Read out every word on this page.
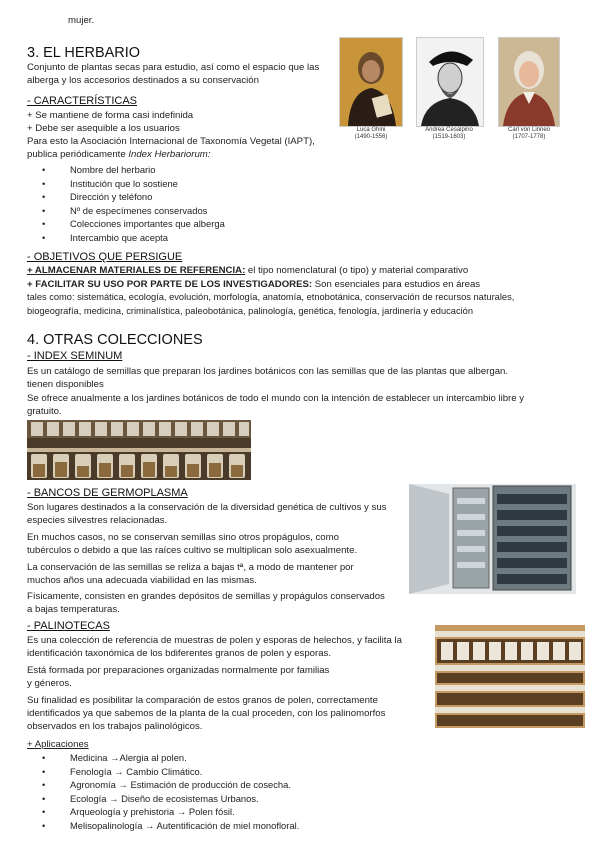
mujer.
3. EL HERBARIO
Conjunto de plantas secas para estudio, así como el espacio que las
alberga y los accesorios destinados a su conservación
- CARACTERÍSTICAS
+ Se mantiene de forma casi indefinida
+ Debe ser asequible a los usuarios
Para esto la Asociación Internacional de Taxonomía Vegetal (IAPT),
publica periódicamente Index Herbariorum:
•	Nombre del herbario
•	Institución que lo sostiene
•	Dirección y teléfono
•	Nº de especímenes conservados
•	Colecciones importantes que alberga
•	Intercambio que acepta
Luca Ghini
(1490-1556)
Andrea Cesalpino
(1519-1603)
Carl von Linneo
(1707-1778)
- OBJETIVOS QUE PERSIGUE
+ ALMACENAR MATERIALES DE REFERENCIA: el tipo nomenclatural (o tipo) y material comparativo
+ FACILITAR SU USO POR PARTE DE LOS INVESTIGADORES: Son esenciales para estudios en áreas
tales como: sistemática, ecología, evolución, morfología, anatomía, etnobotánica, conservación de recursos naturales,
biogeografía, medicina, criminalística, paleobotánica, palinología, genética, fenología, jardinería y educación
4. OTRAS COLECCIONES
- INDEX SEMINUM
Es un catálogo de semillas que preparan los jardines botánicos con las semillas que de las plantas que albergan.
tienen disponibles
Se ofrece anualmente a los jardines botánicos de todo el mundo con la intención de establecer un intercambio libre y
gratuito.
- BANCOS DE GERMOPLASMA
Son lugares destinados a la conservación de la diversidad genética de cultivos y sus
especies silvestres relacionadas.
En muchos casos, no se conservan semillas sino otros propágulos, como
tubérculos o debido a que las raíces cultivo se multiplican solo asexualmente.
La conservación de las semillas se reliza a bajas tª, a modo de mantener por
muchos años una adecuada viabilidad en las mismas.
Físicamente, consisten en grandes depósitos de semillas y propágulos conservados
a bajas temperaturas.
- PALINOTECAS
Es una colección de referencia de muestras de polen y esporas de helechos, y facilita la
identificación taxonómica de los bdiferentes granos de polen y esporas.
Está formada por preparaciones organizadas normalmente por familias
y géneros.
Su finalidad es posibilitar la comparación de estos granos de polen, correctamente
identificados ya que sabemos de la planta de la cual proceden, con los palinomorfos
observados en los trabajos palinológicos.
+ Aplicaciones
•	Medicina →Alergia al polen.
•	Fenología → Cambio Climático.
•	Agronomía → Estimación de producción de cosecha.
•	Ecología → Diseño de ecosistemas Urbanos.
•	Arqueología y prehistoria → Polen fósil.
•	Melisopalinología → Autentificación de miel monofloral.
